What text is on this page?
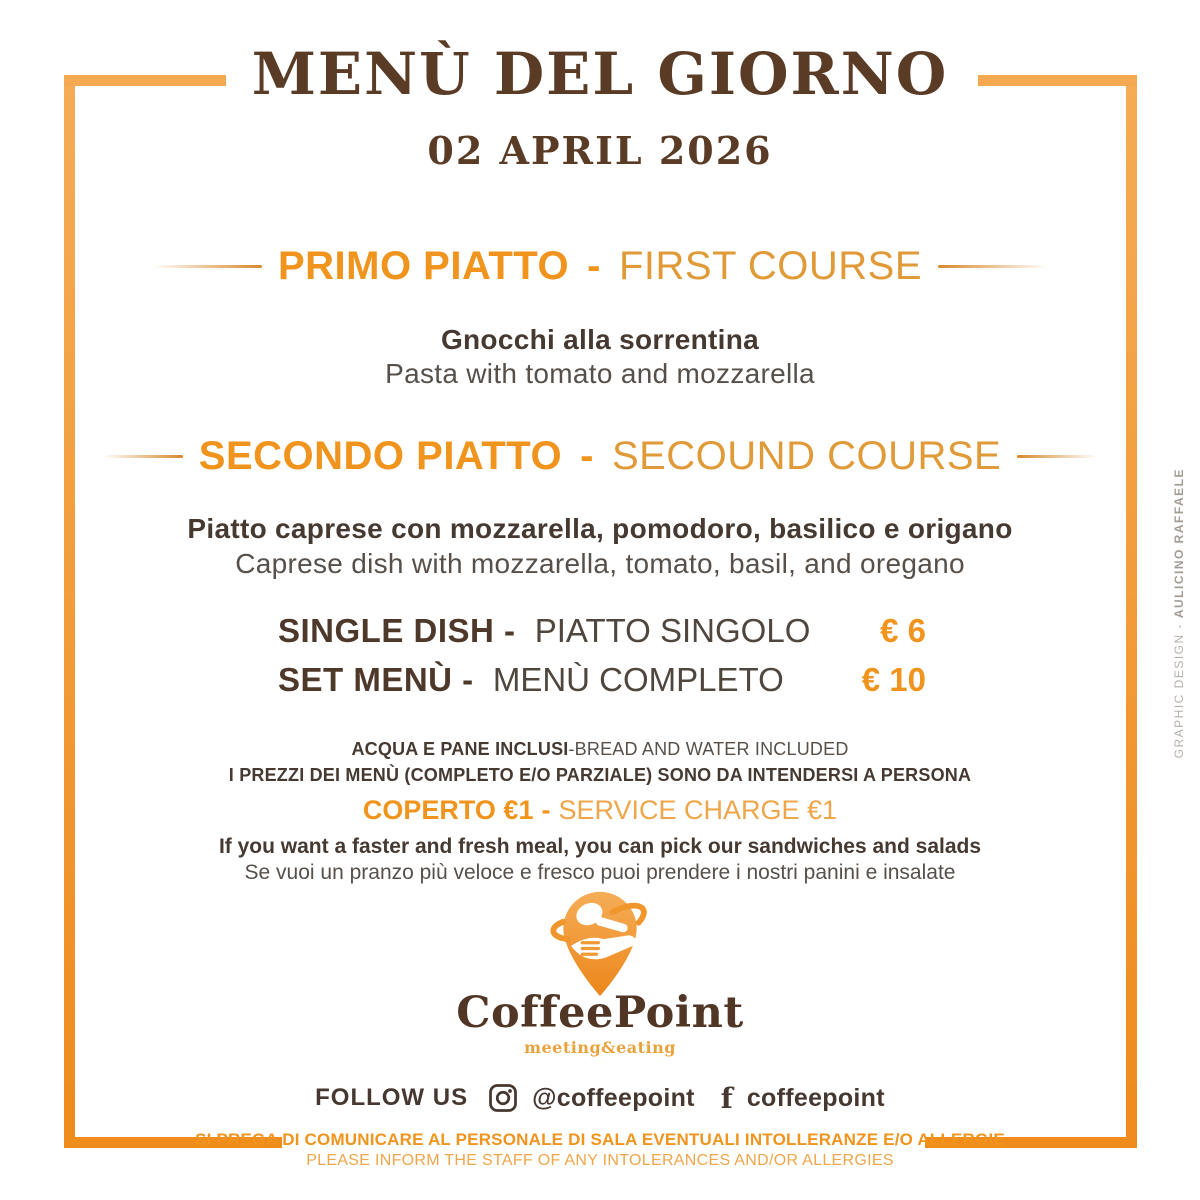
MENÙ DEL GIORNO
02 APRIL 2026
PRIMO PIATTO - FIRST COURSE
Gnocchi alla sorrentina
Pasta with tomato and mozzarella
SECONDO PIATTO - SECOUND COURSE
Piatto caprese con mozzarella, pomodoro, basilico e origano
Caprese dish with mozzarella, tomato, basil, and oregano
SINGLE DISH - PIATTO SINGOLO € 6
SET MENÙ - MENÙ COMPLETO € 10
ACQUA E PANE INCLUSI-BREAD AND WATER INCLUDED
I PREZZI DEI MENÙ (COMPLETO E/O PARZIALE) SONO DA INTENDERSI A PERSONA
COPERTO €1 - SERVICE CHARGE €1
If you want a faster and fresh meal, you can pick our sandwiches and salads
Se vuoi un pranzo più veloce e fresco puoi prendere i nostri panini e insalate
CoffeePoint
meeting&eating
FOLLOW US	@coffeepoint f coffeepoint
SI PREGA DI COMUNICARE AL PERSONALE DI SALA EVENTUALI INTOLLERANZE E/O ALLERGIE
PLEASE INFORM THE STAFF OF ANY INTOLERANCES AND/OR ALLERGIES
GRAPHIC DESIGN - AULICINO RAFFAELE
